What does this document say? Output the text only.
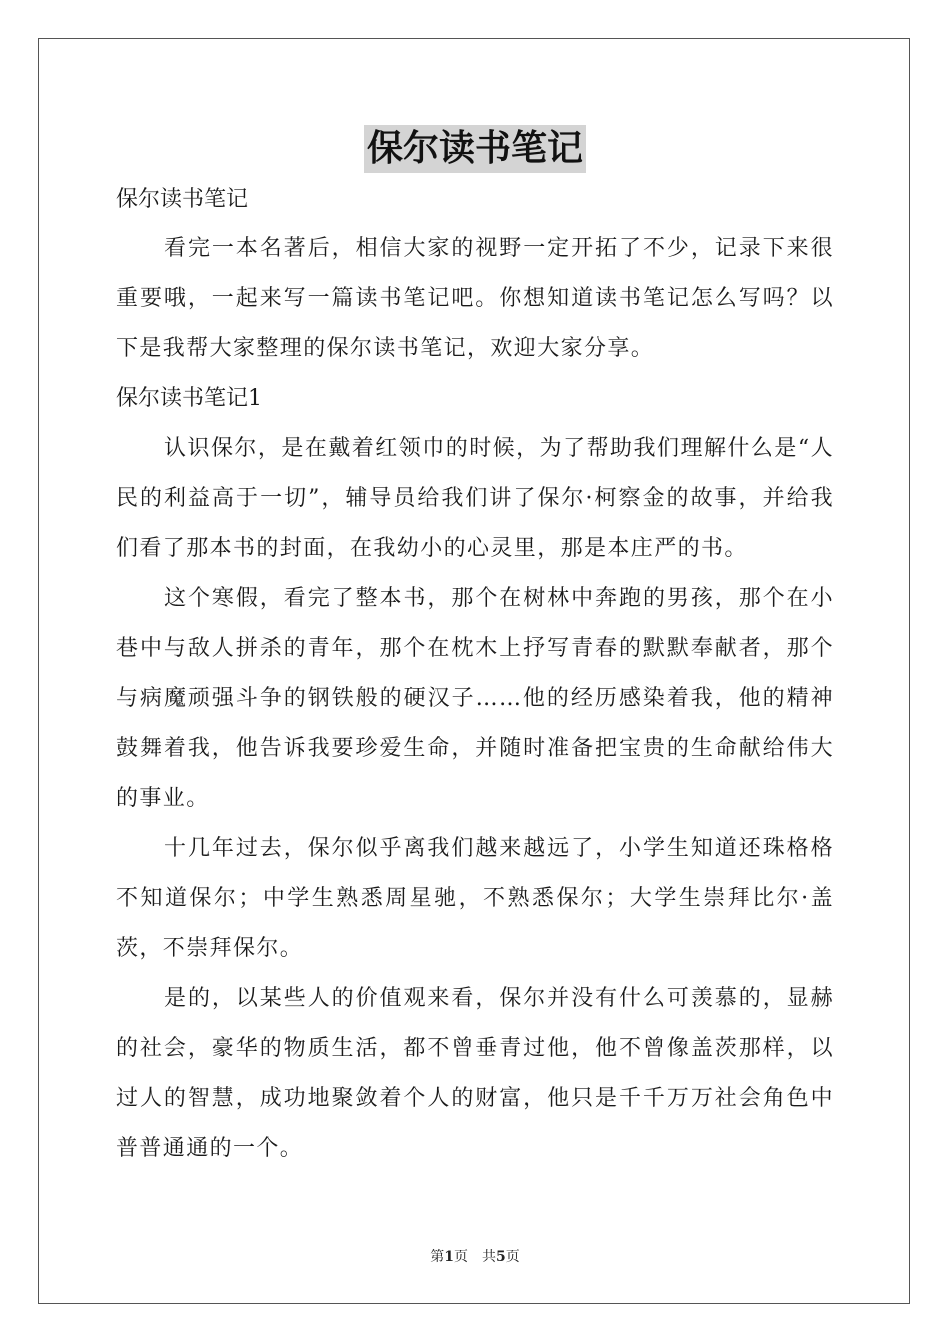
保尔读书笔记
保尔读书笔记

看完一本名著后，相信大家的视野一定开拓了不少，记录下来很重要哦，一起来写一篇读书笔记吧。你想知道读书笔记怎么写吗？以下是我帮大家整理的保尔读书笔记，欢迎大家分享。

保尔读书笔记1

认识保尔，是在戴着红领巾的时候，为了帮助我们理解什么是“人民的利益高于一切”，辅导员给我们讲了保尔·柯察金的故事，并给我们看了那本书的封面，在我幼小的心灵里，那是本庄严的书。

这个寒假，看完了整本书，那个在树林中奔跑的男孩，那个在小巷中与敌人拼杀的青年，那个在枕木上抒写青春的默默奉献者，那个与病魔顽强斗争的钢铁般的硬汉子……他的经历感染着我，他的精神鼓舞着我，他告诉我要珍爱生命，并随时准备把宝贵的生命献给伟大的事业。

十几年过去，保尔似乎离我们越来越远了，小学生知道还珠格格不知道保尔；中学生熟悉周星驰，不熟悉保尔；大学生崇拜比尔·盖茨，不崇拜保尔。

是的，以某些人的价值观来看，保尔并没有什么可羡慕的，显赫的社会，豪华的物质生活，都不曾垂青过他，他不曾像盖茨那样，以过人的智慧，成功地聚敛着个人的财富，他只是千千万万社会角色中普普通通的一个。

第1页 共5页
